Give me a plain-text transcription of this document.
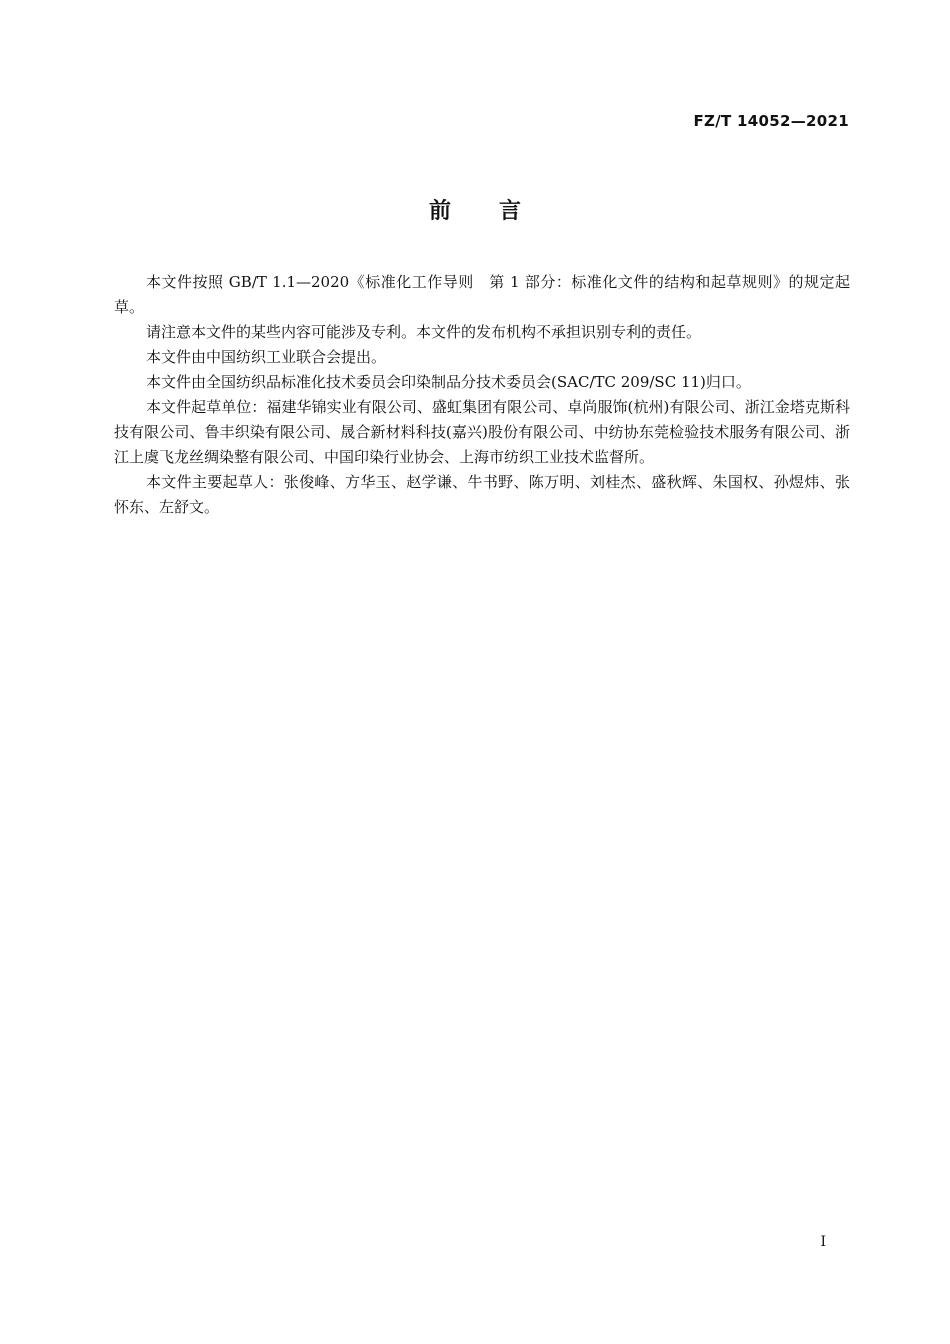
FZ/T 14052—2021
前言

本文件按照 GB/T 1.1—2020《标准化工作导则　第 1 部分：标准化文件的结构和起草规则》的规定起草。

请注意本文件的某些内容可能涉及专利。本文件的发布机构不承担识别专利的责任。

本文件由中国纺织工业联合会提出。

本文件由全国纺织品标准化技术委员会印染制品分技术委员会(SAC/TC 209/SC 11)归口。

本文件起草单位：福建华锦实业有限公司、盛虹集团有限公司、卓尚服饰(杭州)有限公司、浙江金塔克斯科技有限公司、鲁丰织染有限公司、晟合新材料科技(嘉兴)股份有限公司、中纺协东莞检验技术服务有限公司、浙江上虞飞龙丝绸染整有限公司、中国印染行业协会、上海市纺织工业技术监督所。

本文件主要起草人：张俊峰、方华玉、赵学谦、牛书野、陈万明、刘桂杰、盛秋辉、朱国权、孙煜炜、张怀东、左舒文。

I
